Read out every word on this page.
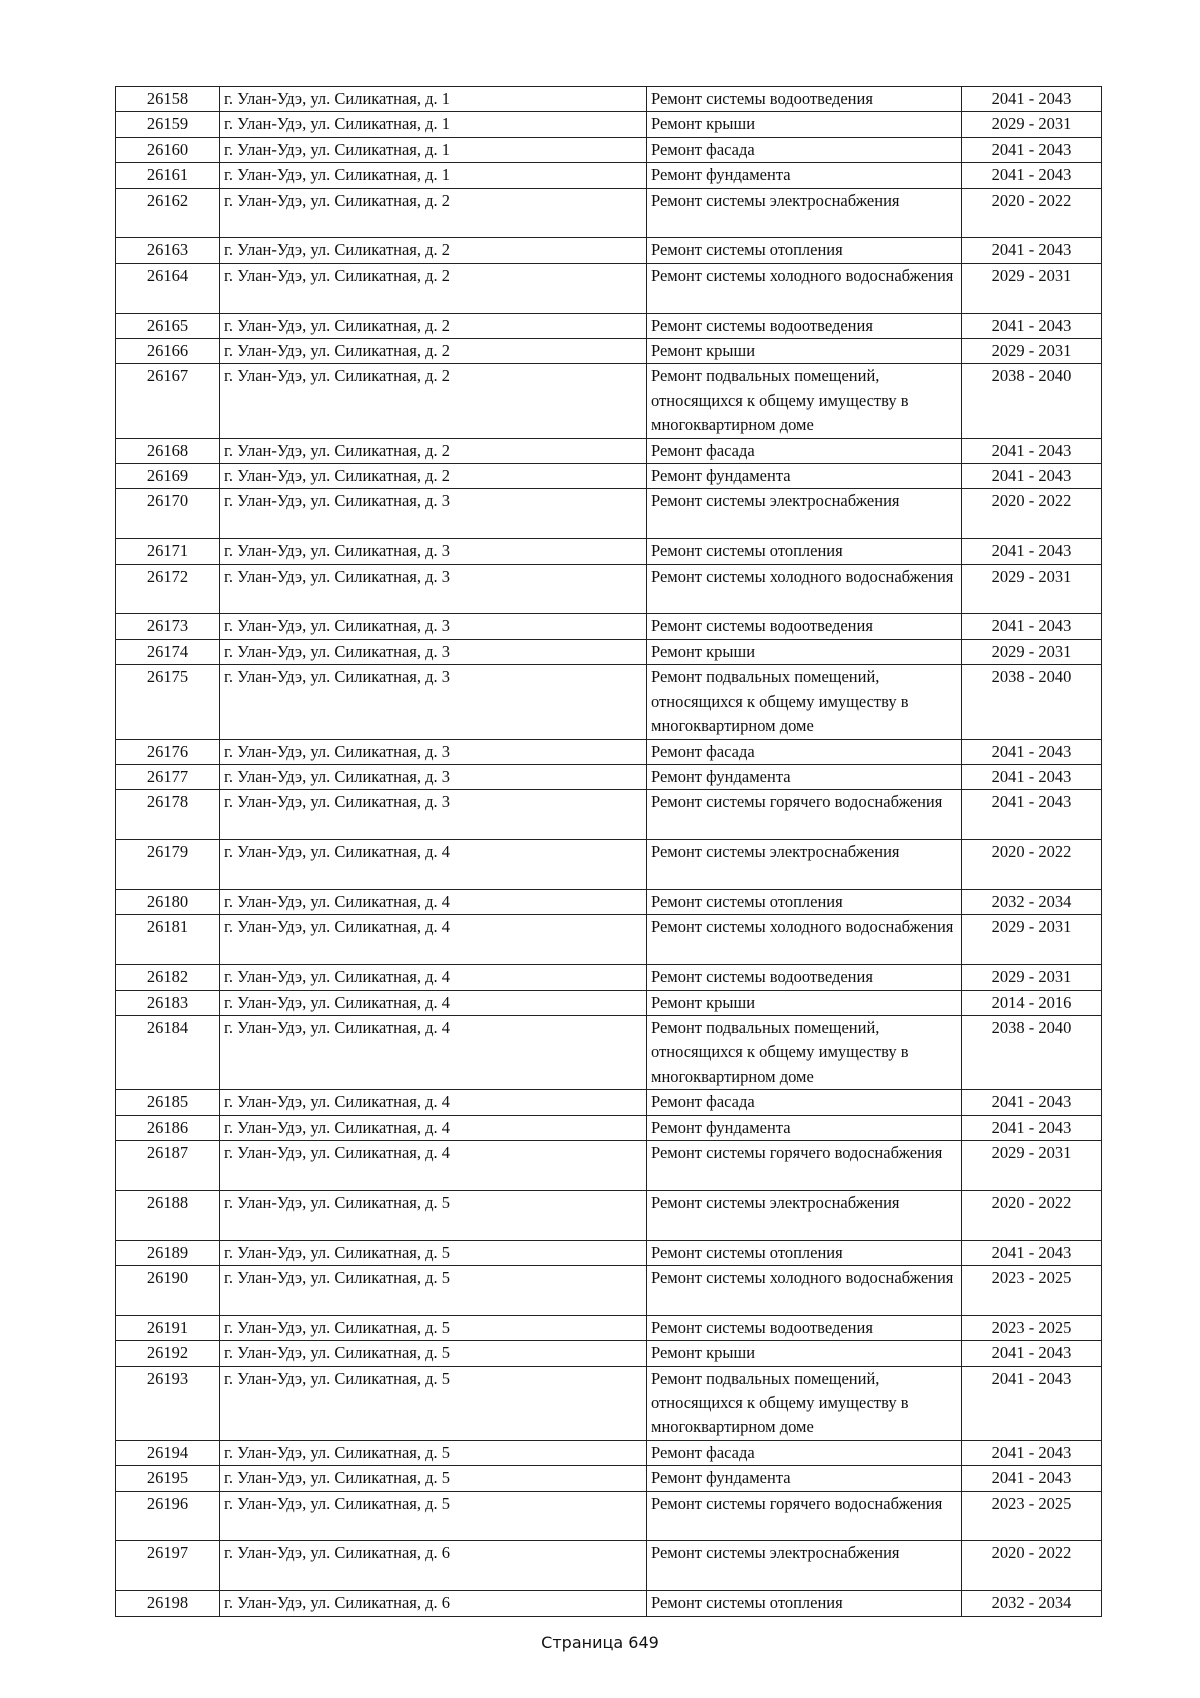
26158	г. Улан-Удэ, ул. Силикатная, д. 1	Ремонт системы водоотведения	2041 - 2043
26159	г. Улан-Удэ, ул. Силикатная, д. 1	Ремонт крыши	2029 - 2031
26160	г. Улан-Удэ, ул. Силикатная, д. 1	Ремонт фасада	2041 - 2043
26161	г. Улан-Удэ, ул. Силикатная, д. 1	Ремонт фундамента	2041 - 2043
26162	г. Улан-Удэ, ул. Силикатная, д. 2	Ремонт системы электроснабжения	2020 - 2022
26163	г. Улан-Удэ, ул. Силикатная, д. 2	Ремонт системы отопления	2041 - 2043
26164	г. Улан-Удэ, ул. Силикатная, д. 2	Ремонт системы холодного водоснабжения	2029 - 2031
26165	г. Улан-Удэ, ул. Силикатная, д. 2	Ремонт системы водоотведения	2041 - 2043
26166	г. Улан-Удэ, ул. Силикатная, д. 2	Ремонт крыши	2029 - 2031
26167	г. Улан-Удэ, ул. Силикатная, д. 2	Ремонт подвальных помещений, относящихся к общему имуществу в многоквартирном доме	2038 - 2040
26168	г. Улан-Удэ, ул. Силикатная, д. 2	Ремонт фасада	2041 - 2043
26169	г. Улан-Удэ, ул. Силикатная, д. 2	Ремонт фундамента	2041 - 2043
26170	г. Улан-Удэ, ул. Силикатная, д. 3	Ремонт системы электроснабжения	2020 - 2022
26171	г. Улан-Удэ, ул. Силикатная, д. 3	Ремонт системы отопления	2041 - 2043
26172	г. Улан-Удэ, ул. Силикатная, д. 3	Ремонт системы холодного водоснабжения	2029 - 2031
26173	г. Улан-Удэ, ул. Силикатная, д. 3	Ремонт системы водоотведения	2041 - 2043
26174	г. Улан-Удэ, ул. Силикатная, д. 3	Ремонт крыши	2029 - 2031
26175	г. Улан-Удэ, ул. Силикатная, д. 3	Ремонт подвальных помещений, относящихся к общему имуществу в многоквартирном доме	2038 - 2040
26176	г. Улан-Удэ, ул. Силикатная, д. 3	Ремонт фасада	2041 - 2043
26177	г. Улан-Удэ, ул. Силикатная, д. 3	Ремонт фундамента	2041 - 2043
26178	г. Улан-Удэ, ул. Силикатная, д. 3	Ремонт системы горячего водоснабжения	2041 - 2043
26179	г. Улан-Удэ, ул. Силикатная, д. 4	Ремонт системы электроснабжения	2020 - 2022
26180	г. Улан-Удэ, ул. Силикатная, д. 4	Ремонт системы отопления	2032 - 2034
26181	г. Улан-Удэ, ул. Силикатная, д. 4	Ремонт системы холодного водоснабжения	2029 - 2031
26182	г. Улан-Удэ, ул. Силикатная, д. 4	Ремонт системы водоотведения	2029 - 2031
26183	г. Улан-Удэ, ул. Силикатная, д. 4	Ремонт крыши	2014 - 2016
26184	г. Улан-Удэ, ул. Силикатная, д. 4	Ремонт подвальных помещений, относящихся к общему имуществу в многоквартирном доме	2038 - 2040
26185	г. Улан-Удэ, ул. Силикатная, д. 4	Ремонт фасада	2041 - 2043
26186	г. Улан-Удэ, ул. Силикатная, д. 4	Ремонт фундамента	2041 - 2043
26187	г. Улан-Удэ, ул. Силикатная, д. 4	Ремонт системы горячего водоснабжения	2029 - 2031
26188	г. Улан-Удэ, ул. Силикатная, д. 5	Ремонт системы электроснабжения	2020 - 2022
26189	г. Улан-Удэ, ул. Силикатная, д. 5	Ремонт системы отопления	2041 - 2043
26190	г. Улан-Удэ, ул. Силикатная, д. 5	Ремонт системы холодного водоснабжения	2023 - 2025
26191	г. Улан-Удэ, ул. Силикатная, д. 5	Ремонт системы водоотведения	2023 - 2025
26192	г. Улан-Удэ, ул. Силикатная, д. 5	Ремонт крыши	2041 - 2043
26193	г. Улан-Удэ, ул. Силикатная, д. 5	Ремонт подвальных помещений, относящихся к общему имуществу в многоквартирном доме	2041 - 2043
26194	г. Улан-Удэ, ул. Силикатная, д. 5	Ремонт фасада	2041 - 2043
26195	г. Улан-Удэ, ул. Силикатная, д. 5	Ремонт фундамента	2041 - 2043
26196	г. Улан-Удэ, ул. Силикатная, д. 5	Ремонт системы горячего водоснабжения	2023 - 2025
26197	г. Улан-Удэ, ул. Силикатная, д. 6	Ремонт системы электроснабжения	2020 - 2022
26198	г. Улан-Удэ, ул. Силикатная, д. 6	Ремонт системы отопления	2032 - 2034
Страница 649
